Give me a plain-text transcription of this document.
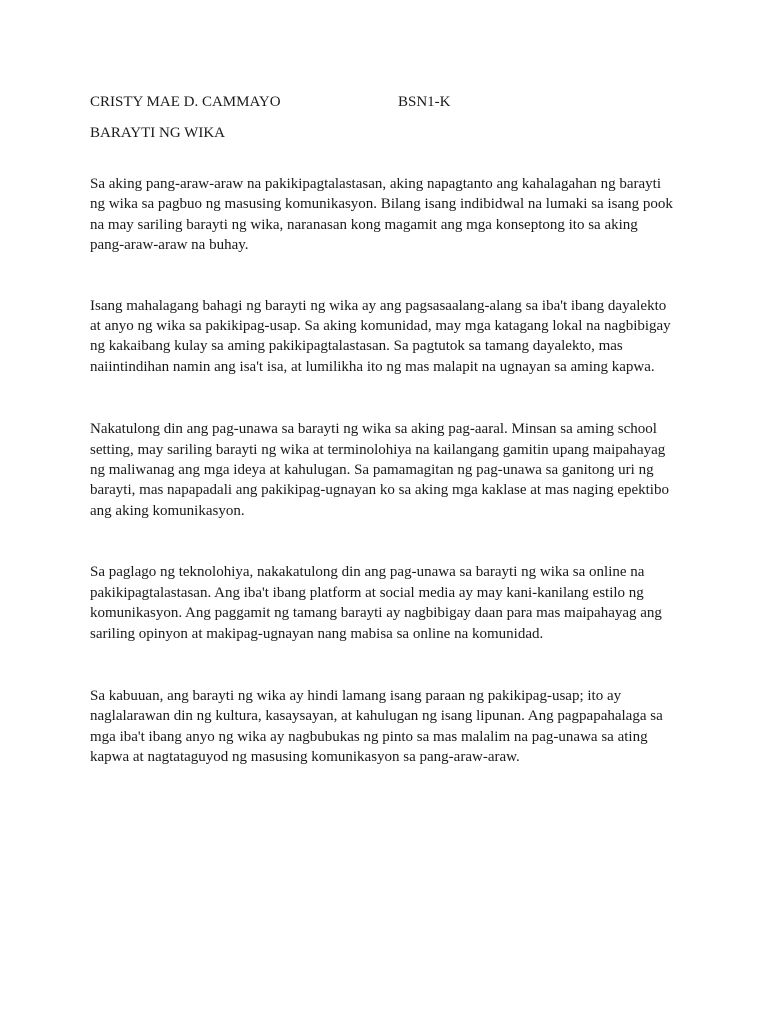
CRISTY MAE D. CAMMAYO	BSN1-K
BARAYTI NG WIKA

Sa aking pang-araw-araw na pakikipagtalastasan, aking napagtanto ang kahalagahan ng barayti
ng wika sa pagbuo ng masusing komunikasyon. Bilang isang indibidwal na lumaki sa isang pook
na may sariling barayti ng wika, naranasan kong magamit ang mga konseptong ito sa aking
pang-araw-araw na buhay.

Isang mahalagang bahagi ng barayti ng wika ay ang pagsasaalang-alang sa iba't ibang dayalekto
at anyo ng wika sa pakikipag-usap. Sa aking komunidad, may mga katagang lokal na nagbibigay
ng kakaibang kulay sa aming pakikipagtalastasan. Sa pagtutok sa tamang dayalekto, mas
naiintindihan namin ang isa't isa, at lumilikha ito ng mas malapit na ugnayan sa aming kapwa.

Nakatulong din ang pag-unawa sa barayti ng wika sa aking pag-aaral. Minsan sa aming school
setting, may sariling barayti ng wika at terminolohiya na kailangang gamitin upang maipahayag
ng maliwanag ang mga ideya at kahulugan. Sa pamamagitan ng pag-unawa sa ganitong uri ng
barayti, mas napapadali ang pakikipag-ugnayan ko sa aking mga kaklase at mas naging epektibo
ang aking komunikasyon.

Sa paglago ng teknolohiya, nakakatulong din ang pag-unawa sa barayti ng wika sa online na
pakikipagtalastasan. Ang iba't ibang platform at social media ay may kani-kanilang estilo ng
komunikasyon. Ang paggamit ng tamang barayti ay nagbibigay daan para mas maipahayag ang
sariling opinyon at makipag-ugnayan nang mabisa sa online na komunidad.

Sa kabuuan, ang barayti ng wika ay hindi lamang isang paraan ng pakikipag-usap; ito ay
naglalarawan din ng kultura, kasaysayan, at kahulugan ng isang lipunan. Ang pagpapahalaga sa
mga iba't ibang anyo ng wika ay nagbubukas ng pinto sa mas malalim na pag-unawa sa ating
kapwa at nagtataguyod ng masusing komunikasyon sa pang-araw-araw.
